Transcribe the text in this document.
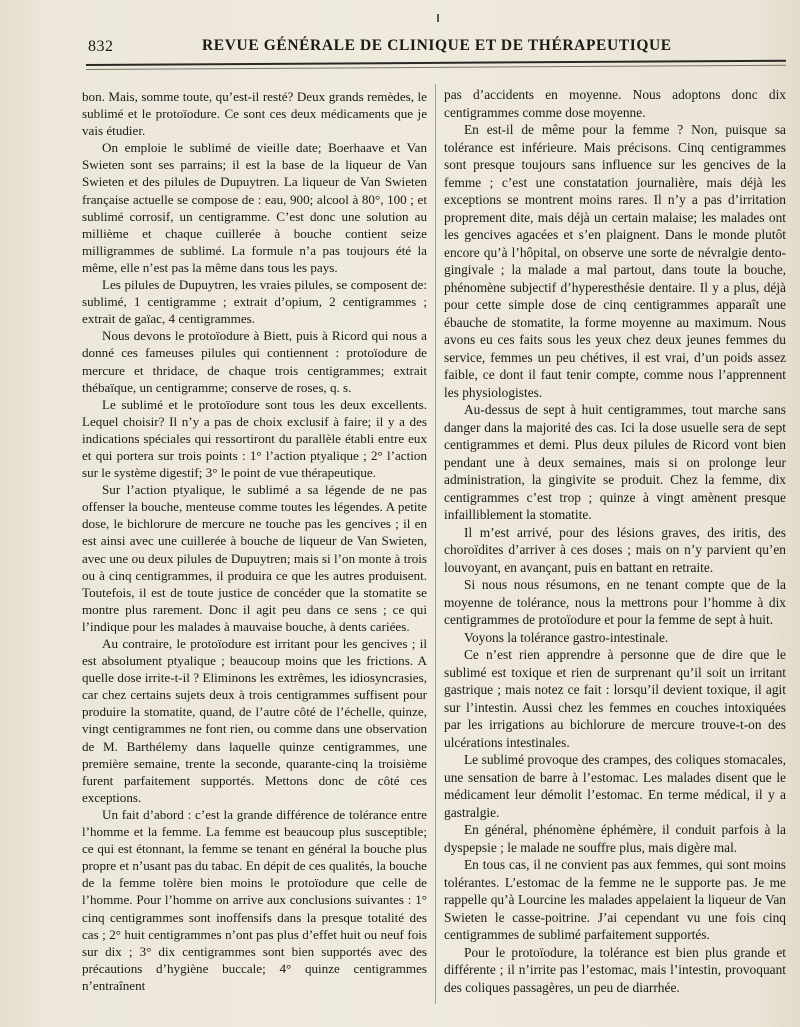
832	REVUE GÉNÉRALE DE CLINIQUE ET DE THÉRAPEUTIQUE

bon. Mais, somme toute, qu’est-il resté? Deux grands remèdes, le sublimé et le protoïodure. Ce sont ces deux médicaments que je vais étudier.

On emploie le sublimé de vieille date; Boerhaave et Van Swieten sont ses parrains; il est la base de la liqueur de Van Swieten et des pilules de Dupuytren. La liqueur de Van Swieten française actuelle se compose de : eau, 900; alcool à 80°, 100 ; et sublimé corrosif, un centigramme. C’est donc une solution au millième et chaque cuillerée à bouche contient seize milligrammes de sublimé. La formule n’a pas toujours été la même, elle n’est pas la même dans tous les pays.

Les pilules de Dupuytren, les vraies pilules, se composent de: sublimé, 1 centigramme ; extrait d’opium, 2 centigrammes ; extrait de gaïac, 4 centigrammes.

Nous devons le protoïodure à Biett, puis à Ricord qui nous a donné ces fameuses pilules qui contiennent : protoïodure de mercure et thridace, de chaque trois centigrammes; extrait thébaïque, un centigramme; conserve de roses, q. s.

Le sublimé et le protoïodure sont tous les deux excellents. Lequel choisir? Il n’y a pas de choix exclusif à faire; il y a des indications spéciales qui ressortiront du parallèle établi entre eux et qui portera sur trois points : 1° l’action ptyalique ; 2° l’action sur le système digestif; 3° le point de vue thérapeutique.

Sur l’action ptyalique, le sublimé a sa légende de ne pas offenser la bouche, menteuse comme toutes les légendes. A petite dose, le bichlorure de mercure ne touche pas les gencives ; il en est ainsi avec une cuillerée à bouche de liqueur de Van Swieten, avec une ou deux pilules de Dupuytren; mais si l’on monte à trois ou à cinq centigrammes, il produira ce que les autres produisent. Toutefois, il est de toute justice de concéder que la stomatite se montre plus rarement. Donc il agit peu dans ce sens ; ce qui l’indique pour les malades à mauvaise bouche, à dents cariées.

Au contraire, le protoïodure est irritant pour les gencives ; il est absolument ptyalique ; beaucoup moins que les frictions. A quelle dose irrite-t-il ? Eliminons les extrêmes, les idiosyncrasies, car chez certains sujets deux à trois centigrammes suffisent pour produire la stomatite, quand, de l’autre côté de l’échelle, quinze, vingt centigrammes ne font rien, ou comme dans une observation de M. Barthélemy dans laquelle quinze centigrammes, une première semaine, trente la seconde, quarante-cinq la troisième furent parfaitement supportés. Mettons donc de côté ces exceptions.

Un fait d’abord : c’est la grande différence de tolérance entre l’homme et la femme. La femme est beaucoup plus susceptible; ce qui est étonnant, la femme se tenant en général la bouche plus propre et n’usant pas du tabac. En dépit de ces qualités, la bouche de la femme tolère bien moins le protoïodure que celle de l’homme. Pour l’homme on arrive aux conclusions suivantes : 1° cinq centigrammes sont inoffensifs dans la presque totalité des cas ; 2° huit centigrammes n’ont pas plus d’effet huit ou neuf fois sur dix ; 3° dix centigrammes sont bien supportés avec des précautions d’hygiène buccale; 4° quinze centigrammes n’entraînent

pas d’accidents en moyenne. Nous adoptons donc dix centigrammes comme dose moyenne.

En est-il de même pour la femme ? Non, puisque sa tolérance est inférieure. Mais précisons. Cinq centigrammes sont presque toujours sans influence sur les gencives de la femme ; c’est une constatation journalière, mais déjà les exceptions se montrent moins rares. Il n’y a pas d’irritation proprement dite, mais déjà un certain malaise; les malades ont les gencives agacées et s’en plaignent. Dans le monde plutôt encore qu’à l’hôpital, on observe une sorte de névralgie dento-gingivale ; la malade a mal partout, dans toute la bouche, phénomène subjectif d’hyperesthésie dentaire. Il y a plus, déjà pour cette simple dose de cinq centigrammes apparaît une ébauche de stomatite, la forme moyenne au maximum. Nous avons eu ces faits sous les yeux chez deux jeunes femmes du service, femmes un peu chétives, il est vrai, d’un poids assez faible, ce dont il faut tenir compte, comme nous l’apprennent les physiologistes.

Au-dessus de sept à huit centigrammes, tout marche sans danger dans la majorité des cas. Ici la dose usuelle sera de sept centigrammes et demi. Plus deux pilules de Ricord vont bien pendant une à deux semaines, mais si on prolonge leur administration, la gingivite se produit. Chez la femme, dix centigrammes c’est trop ; quinze à vingt amènent presque infailliblement la stomatite.

Il m’est arrivé, pour des lésions graves, des iritis, des choroïdites d’arriver à ces doses ; mais on n’y parvient qu’en louvoyant, en avançant, puis en battant en retraite.

Si nous nous résumons, en ne tenant compte que de la moyenne de tolérance, nous la mettrons pour l’homme à dix centigrammes de protoïodure et pour la femme de sept à huit.

Voyons la tolérance gastro-intestinale.

Ce n’est rien apprendre à personne que de dire que le sublimé est toxique et rien de surprenant qu’il soit un irritant gastrique ; mais notez ce fait : lorsqu’il devient toxique, il agit sur l’intestin. Aussi chez les femmes en couches intoxiquées par les irrigations au bichlorure de mercure trouve-t-on des ulcérations intestinales.

Le sublimé provoque des crampes, des coliques stomacales, une sensation de barre à l’estomac. Les malades disent que le médicament leur démolit l’estomac. En terme médical, il y a gastralgie.

En général, phénomène éphémère, il conduit parfois à la dyspepsie ; le malade ne souffre plus, mais digère mal.

En tous cas, il ne convient pas aux femmes, qui sont moins tolérantes. L’estomac de la femme ne le supporte pas. Je me rappelle qu’à Lourcine les malades appelaient la liqueur de Van Swieten le casse-poitrine. J’ai cependant vu une fois cinq centigrammes de sublimé parfaitement supportés.

Pour le protoïodure, la tolérance est bien plus grande et différente ; il n’irrite pas l’estomac, mais l’intestin, provoquant des coliques passagères, un peu de diarrhée.
